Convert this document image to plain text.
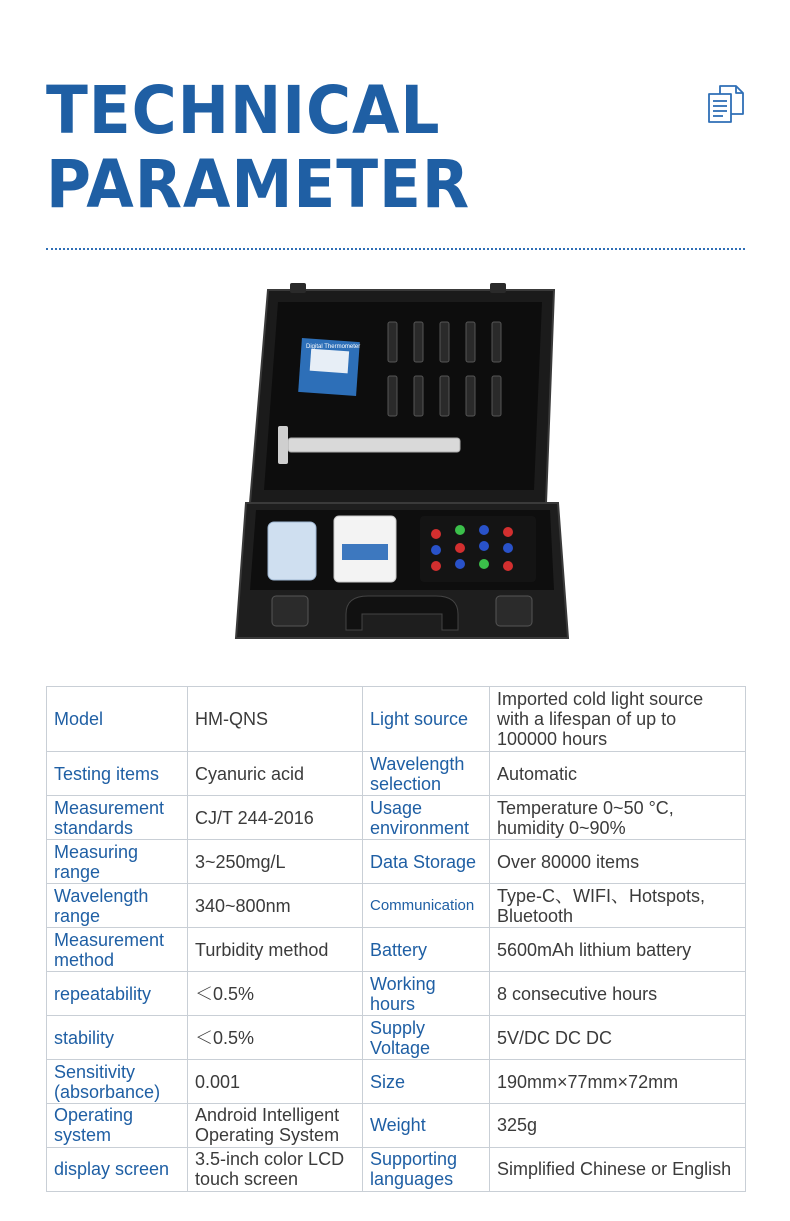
TECHNICAL
PARAMETER
Digital Thermometer
Model	HM-QNS	Light source	Imported cold light source with a lifespan of up to 100000 hours
Testing items	Cyanuric acid	Wavelength selection	Automatic
Measurement standards	CJ/T 244-2016	Usage environment	Temperature 0~50 °C, humidity 0~90%
Measuring range	3~250mg/L	Data Storage	Over 80000 items
Wavelength range	340~800nm	Communication	Type-C、WIFI、Hotspots, Bluetooth
Measurement method	Turbidity method	Battery	5600mAh lithium battery
repeatability	＜0.5%	Working hours	8 consecutive hours
stability	＜0.5%	Supply Voltage	5V/DC DC DC
Sensitivity (absorbance)	0.001	Size	190mm×77mm×72mm
Operating system	Android Intelligent Operating System	Weight	325g
display screen	3.5-inch color LCD touch screen	Supporting languages	Simplified Chinese or English
